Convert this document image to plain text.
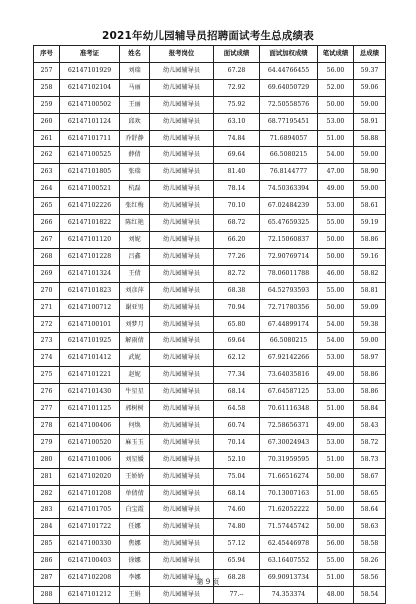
2021年幼儿园辅导员招聘面试考生总成绩表
序号	准考证	姓名	报考岗位	面试成绩	面试加权成绩	笔试成绩	总成绩
257	62147101929	刘瑞	幼儿园辅导员	67.28	64.44766455	56.00	59.37
258	62147102104	马丽	幼儿园辅导员	72.92	69.64050729	52.00	59.06
259	62147100502	王丽	幼儿园辅导员	75.92	72.50558576	50.00	59.00
260	62147101124	邱欢	幼儿园辅导员	63.10	68.77195451	53.00	58.91
261	62147101711	乔舒静	幼儿园辅导员	74.84	71.6894057	51.00	58.88
262	62147100525	薛倩	幼儿园辅导员	69.64	66.5080215	54.00	59.00
263	62147101805	张瑞	幼儿园辅导员	81.40	76.8144777	47.00	58.90
264	62147100521	杭磊	幼儿园辅导员	78.14	74.50363394	49.00	59.00
265	62147102226	张红梅	幼儿园辅导员	70.10	67.02484239	53.00	58.61
266	62147101822	陈红艳	幼儿园辅导员	68.72	65.47659325	55.00	59.19
267	62147101120	刘妮	幼儿园辅导员	66.20	72.15060837	50.00	58.86
268	62147101228	吕鑫	幼儿园辅导员	77.26	72.90769714	50.00	59.16
269	62147101324	王倩	幼儿园辅导员	82.72	78.06011788	46.00	58.82
270	62147101823	刘彦萍	幼儿园辅导员	68.38	64.52793593	55.00	58.81
271	62147100712	谢亚男	幼儿园辅导员	70.94	72.71780356	50.00	59.09
272	62147100101	刘梦月	幼儿园辅导员	65.80	67.44899174	54.00	59.38
273	62147101925	解雨倩	幼儿园辅导员	69.64	66.5080215	54.00	59.00
274	62147101412	武妮	幼儿园辅导员	62.12	67.92142266	53.00	58.97
275	62147101221	赵妮	幼儿园辅导员	77.34	73.64035816	49.00	58.86
276	62147101430	牛星星	幼儿园辅导员	68.14	67.64587125	53.00	58.86
277	62147101125	郭树树	幼儿园辅导员	64.58	70.61116348	51.00	58.84
278	62147100406	何焕	幼儿园辅导员	60.74	72.58656371	49.00	58.43
279	62147100520	麻玉玉	幼儿园辅导员	70.14	67.30024943	53.00	58.72
280	62147101006	刘星媛	幼儿园辅导员	52.10	70.31959595	51.00	58.73
281	62147102020	王娇娇	幼儿园辅导员	75.04	71.66516274	50.00	58.67
282	62147101208	单倩倩	幼儿园辅导员	68.14	70.13007163	51.00	58.65
283	62147101705	白宝霞	幼儿园辅导员	74.60	71.62052222	50.00	58.64
284	62147101722	任娜	幼儿园辅导员	74.80	71.57445742	50.00	58.63
285	62147100330	焦娜	幼儿园辅导员	57.12	62.45446978	56.00	58.58
286	62147100403	徐娜	幼儿园辅导员	65.94	63.16407552	55.00	58.26
287	62147102208	李娜	幼儿园辅导员	68.28	69.90913734	51.00	58.56
288	62147101212	王娟	幼儿园辅导员	77.--	74.353374	48.00	58.54
第 9 页
